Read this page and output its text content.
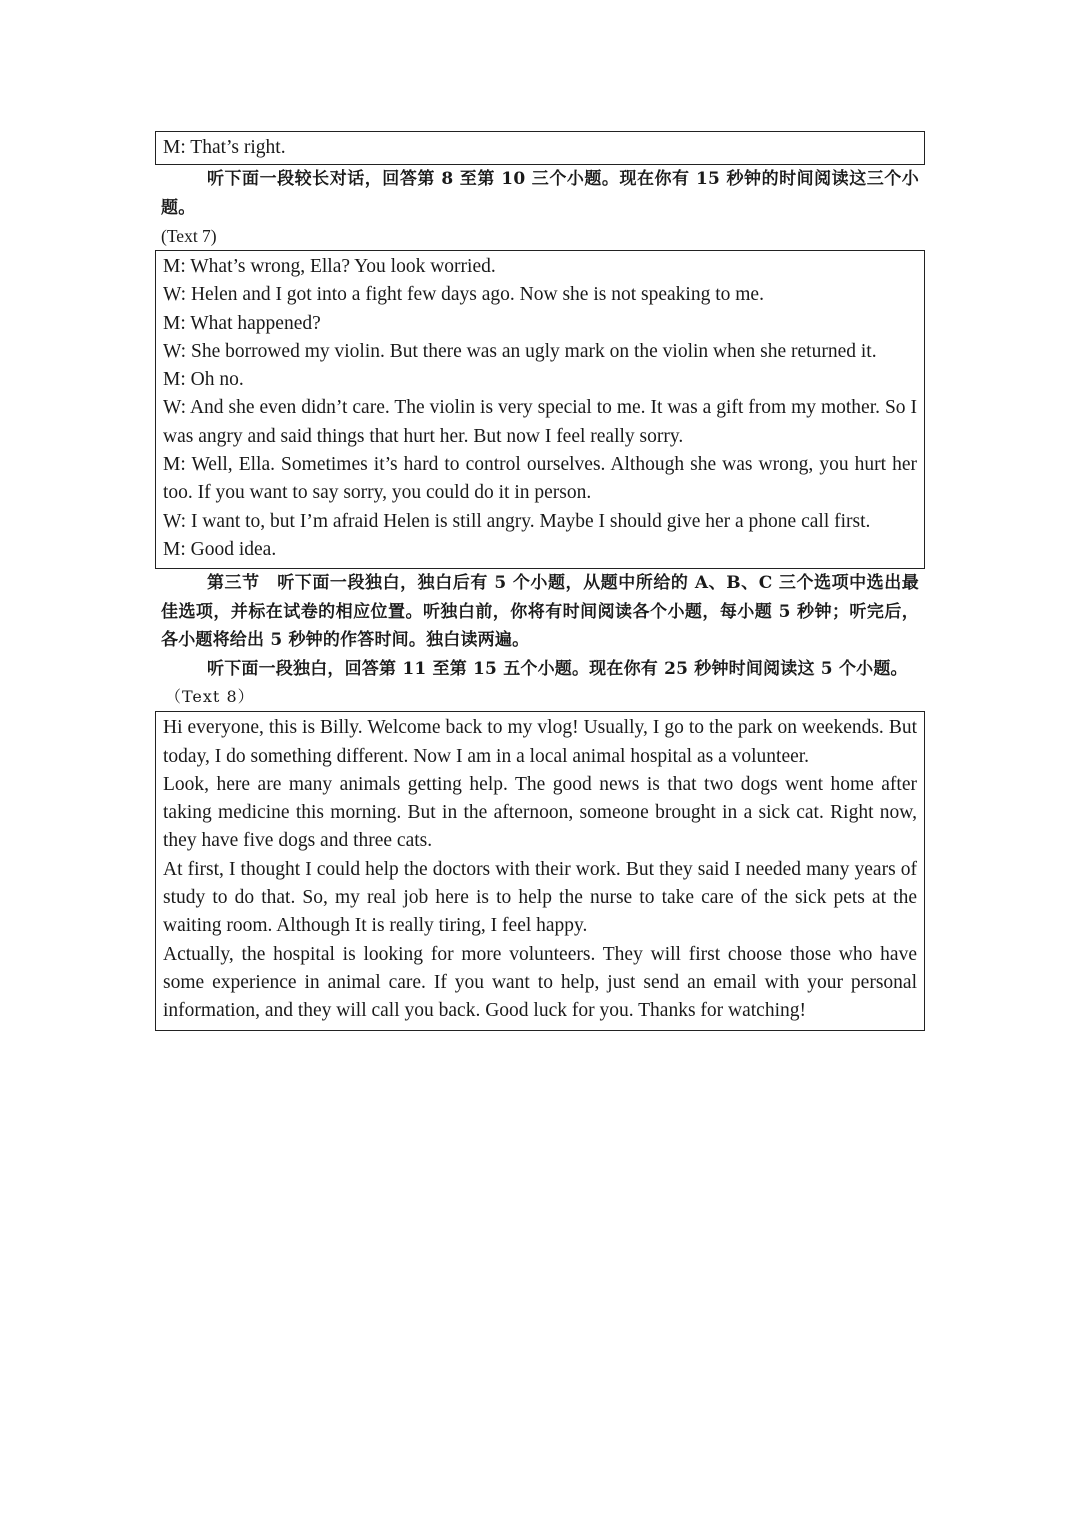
M: That’s right.

听下面一段较长对话，回答第 8 至第 10 三个小题。现在你有 15 秒钟的时间阅读这三个小题。

(Text 7)

M: What’s wrong, Ella? You look worried.

W: Helen and I got into a fight few days ago. Now she is not speaking to me.

M: What happened?

W: She borrowed my violin. But there was an ugly mark on the violin when she returned it.

M: Oh no.

W: And she even didn’t care. The violin is very special to me. It was a gift from my mother. So I was angry and said things that hurt her. But now I feel really sorry.

M: Well, Ella. Sometimes it’s hard to control ourselves. Although she was wrong, you hurt her too. If you want to say sorry, you could do it in person.

W: I want to, but I’m afraid Helen is still angry. Maybe I should give her a phone call first.

M: Good idea.

第三节　听下面一段独白，独白后有 5 个小题，从题中所给的 A、B、C 三个选项中选出最佳选项，并标在试卷的相应位置。听独白前，你将有时间阅读各个小题，每小题 5 秒钟；听完后，各小题将给出 5 秒钟的作答时间。独白读两遍。

听下面一段独白，回答第 11 至第 15 五个小题。现在你有 25 秒钟时间阅读这 5 个小题。

（Text 8）

Hi everyone, this is Billy. Welcome back to my vlog! Usually, I go to the park on weekends. But today, I do something different. Now I am in a local animal hospital as a volunteer.

Look, here are many animals getting help. The good news is that two dogs went home after taking medicine this morning. But in the afternoon, someone brought in a sick cat. Right now, they have five dogs and three cats.

At first, I thought I could help the doctors with their work. But they said I needed many years of study to do that. So, my real job here is to help the nurse to take care of the sick pets at the waiting room. Although It is really tiring, I feel happy.

Actually, the hospital is looking for more volunteers. They will first choose those who have some experience in animal care. If you want to help, just send an email with your personal information, and they will call you back. Good luck for you. Thanks for watching!
